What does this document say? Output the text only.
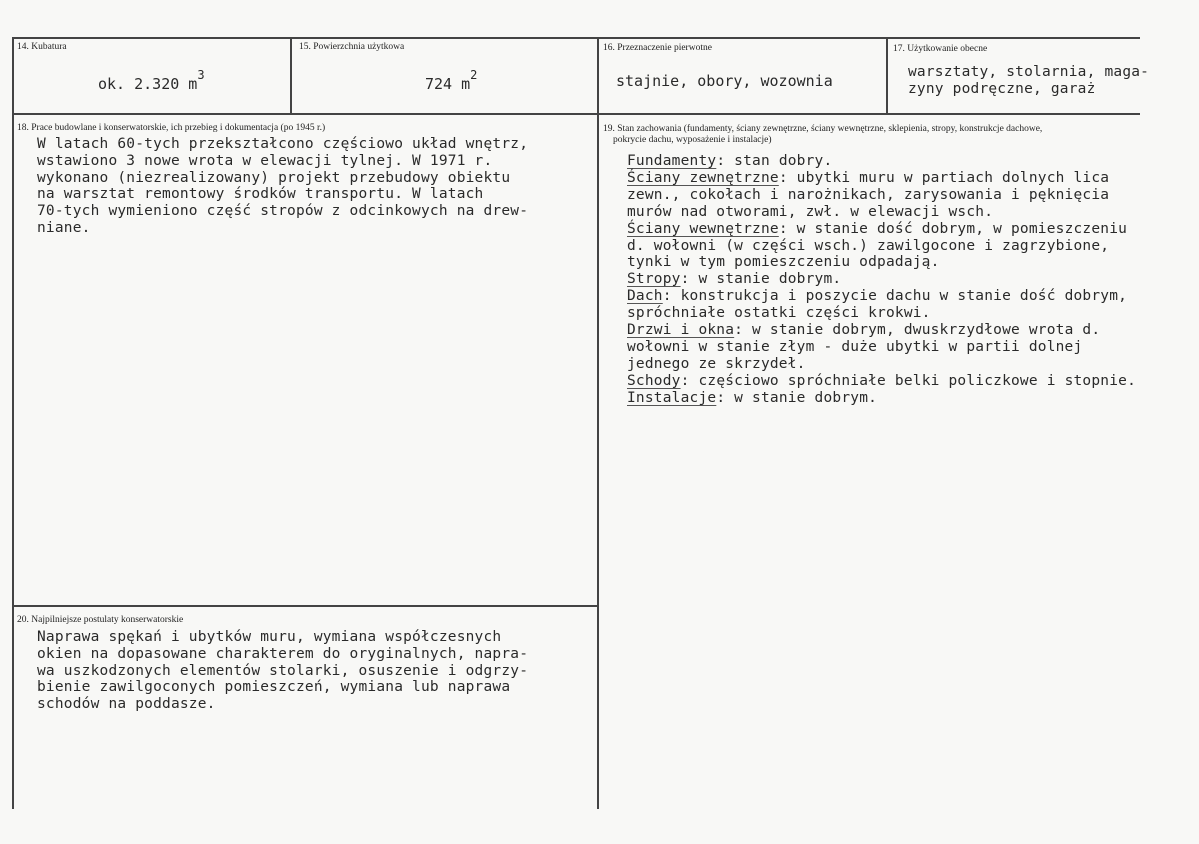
14. Kubatura
ok. 2.320 $m^3$
15. Powierzchnia użytkowa
724 $m^2$
16. Przeznaczenie pierwotne
stajnie, obory, wozownia
17. Użytkowanie obecne
warsztaty, stolarnia, maga-
zyny podręczne, garaż
18. Prace budowlane i konserwatorskie, ich przebieg i dokumentacja (po 1945 r.)
W latach 60-tych przekształcono częściowo układ wnętrz,
wstawiono 3 nowe wrota w elewacji tylnej. W 1971 r.
wykonano (niezrealizowany) projekt przebudowy obiektu
na warsztat remontowy środków transportu. W latach
70-tych wymieniono część stropów z odcinkowych na drew-
niane.
19. Stan zachowania (fundamenty, ściany zewnętrzne, ściany wewnętrzne, sklepienia, stropy, konstrukcje dachowe,
pokrycie dachu, wyposażenie i instalacje)
Fundamenty: stan dobry.
Ściany zewnętrzne: ubytki muru w partiach dolnych lica
zewn., cokołach i narożnikach, zarysowania i pęknięcia
murów nad otworami, zwł. w elewacji wsch.
Ściany wewnętrzne: w stanie dość dobrym, w pomieszczeniu
d. wołowni (w części wsch.) zawilgocone i zagrzybione,
tynki w tym pomieszczeniu odpadają.
Stropy: w stanie dobrym.
Dach: konstrukcja i poszycie dachu w stanie dość dobrym,
spróchniałe ostatki części krokwi.
Drzwi i okna: w stanie dobrym, dwuskrzydłowe wrota d.
wołowni w stanie złym - duże ubytki w partii dolnej
jednego ze skrzydeł.
Schody: częściowo spróchniałe belki policzkowe i stopnie.
Instalacje: w stanie dobrym.
20. Najpilniejsze postulaty konserwatorskie
Naprawa spękań i ubytków muru, wymiana współczesnych
okien na dopasowane charakterem do oryginalnych, napra-
wa uszkodzonych elementów stolarki, osuszenie i odgrzy-
bienie zawilgoconych pomieszczeń, wymiana lub naprawa
schodów na poddasze.
